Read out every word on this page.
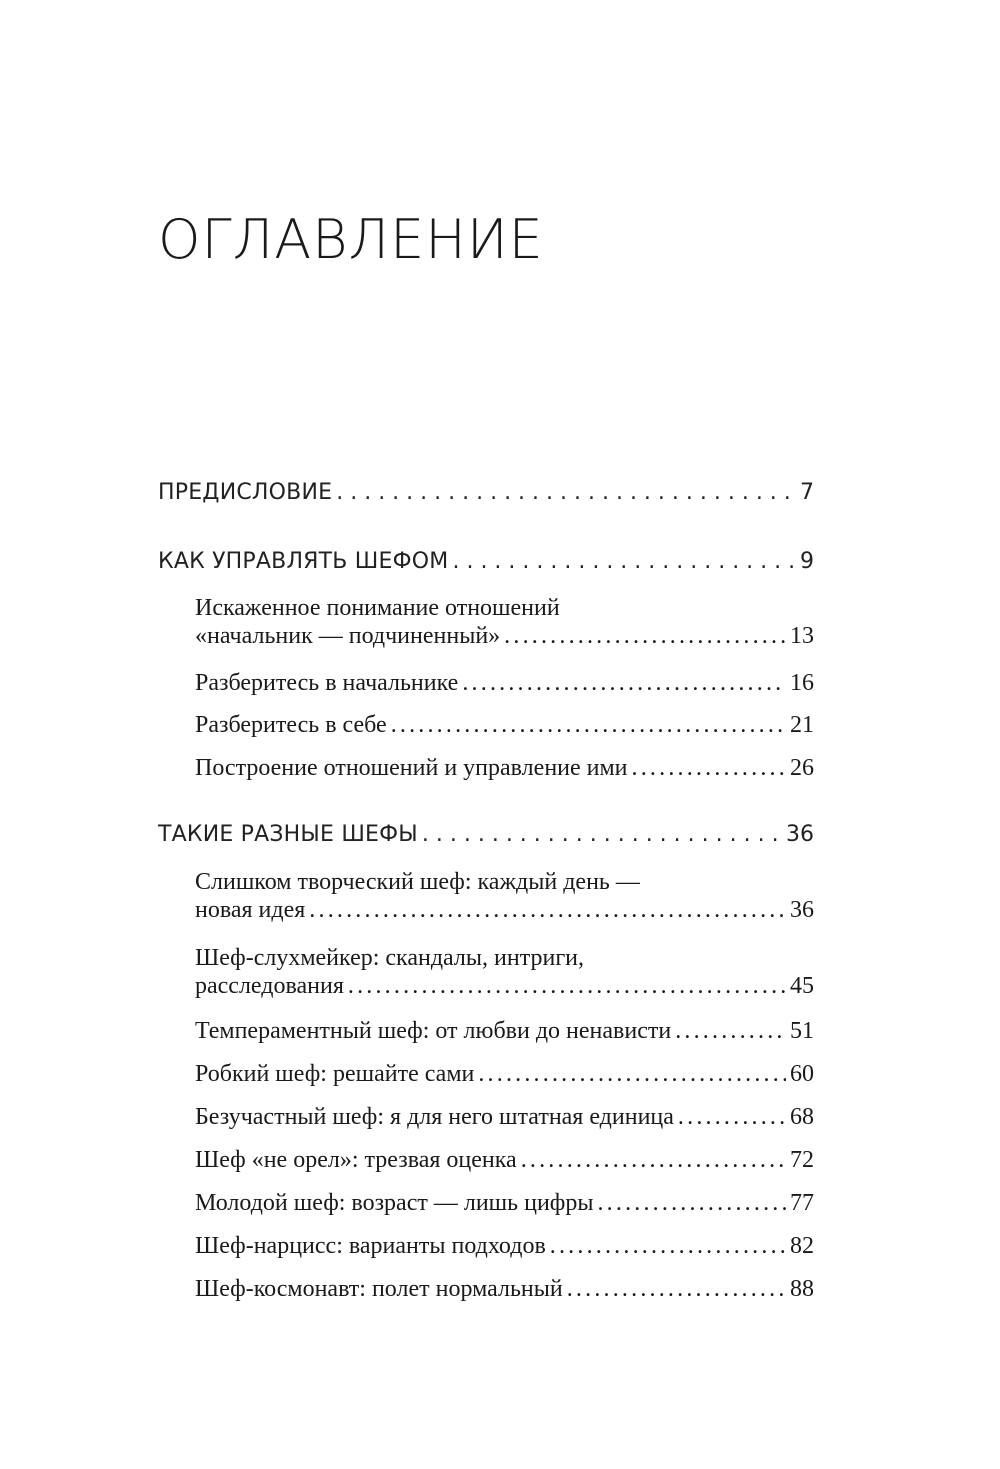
ОГЛАВЛЕНИЕ
ПРЕДИСЛОВИЕ . . .	7
КАК УПРАВЛЯТЬ ШЕФОМ . . .	9
Искаженное понимание отношений
«начальник — подчиненный» .....	13
Разберитесь в начальнике .....	16
Разберитесь в себе .....	21
Построение отношений и управление ими .....	26
ТАКИЕ РАЗНЫЕ ШЕФЫ . . .	36
Слишком творческий шеф: каждый день —
новая идея .....	36
Шеф-слухмейкер: скандалы, интриги,
расследования .....	45
Темпераментный шеф: от любви до ненависти .....	51
Робкий шеф: решайте сами .....	60
Безучастный шеф: я для него штатная единица .....	68
Шеф «не орел»: трезвая оценка .....	72
Молодой шеф: возраст — лишь цифры .....	77
Шеф-нарцисс: варианты подходов .....	82
Шеф-космонавт: полет нормальный .....	88
